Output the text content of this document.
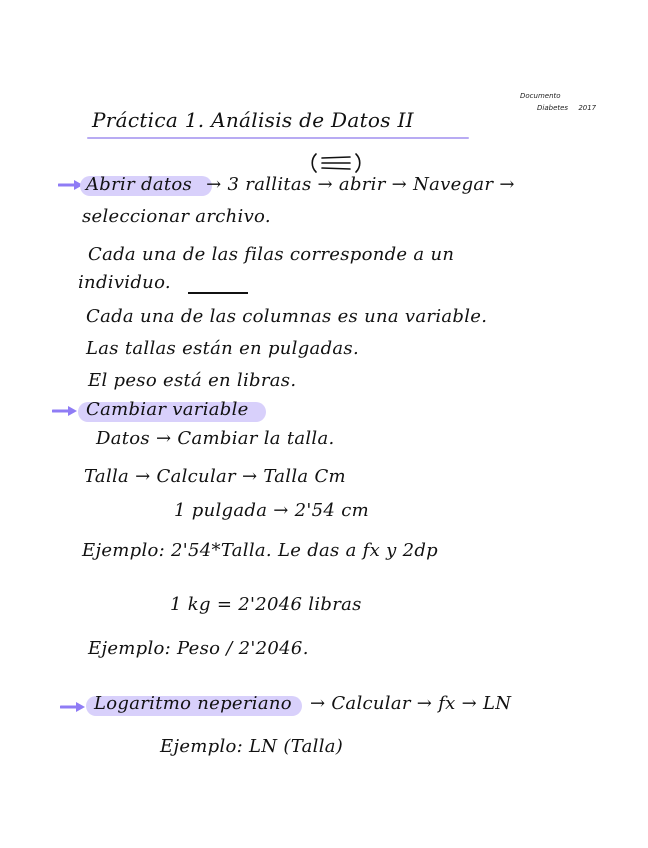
Documento
Diabetes 2017
Práctica 1. Análisis de Datos II
Abrir datos → 3 rallitas → abrir → Navegar →
seleccionar archivo.
Cada una de las filas corresponde a un
individuo.
Cada una de las columnas es una variable.
Las tallas están en pulgadas.
El peso está en libras.
Cambiar variable
Datos → Cambiar la talla.
Talla → Calcular → Talla Cm
1 pulgada → 2'54 cm
Ejemplo: 2'54*Talla. Le das a fx y 2dp
1 kg = 2'2046 libras
Ejemplo: Peso / 2'2046.
Logaritmo neperiano → Calcular → fx → LN
Ejemplo: LN (Talla)
